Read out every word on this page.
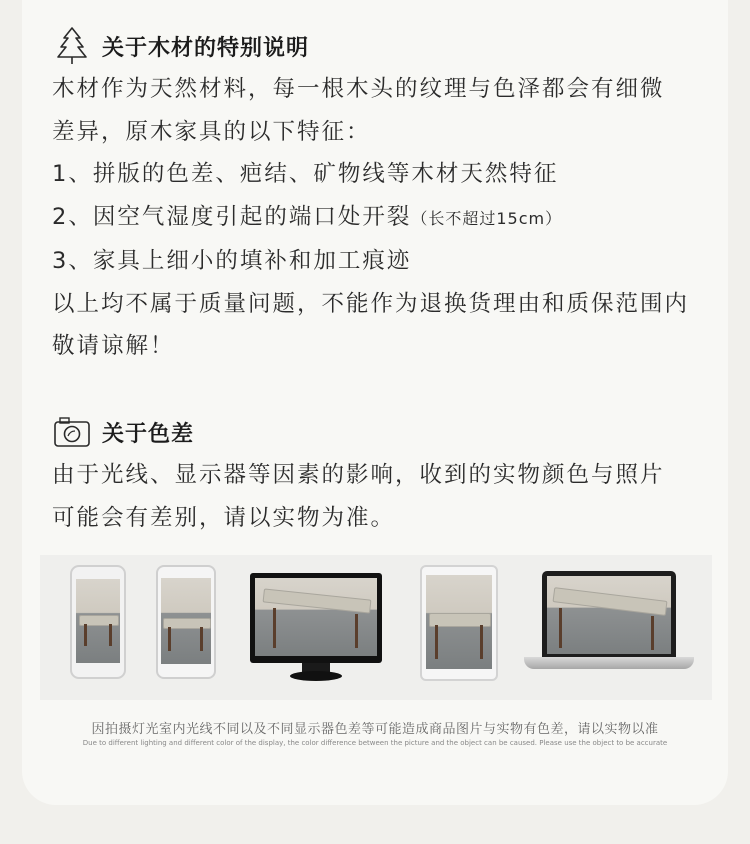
关于木材的特别说明
木材作为天然材料，每一根木头的纹理与色泽都会有细微
差异，原木家具的以下特征：
1、拼版的色差、疤结、矿物线等木材天然特征
2、因空气湿度引起的端口处开裂（长不超过15cm）
3、家具上细小的填补和加工痕迹
以上均不属于质量问题，不能作为退换货理由和质保范围内
敬请谅解！
关于色差
由于光线、显示器等因素的影响，收到的实物颜色与照片
可能会有差别，请以实物为准。
因拍摄灯光室内光线不同以及不同显示器色差等可能造成商品图片与实物有色差，请以实物以准
Due to different lighting and different color of the display, the color difference between the picture and the object can be caused. Please use the object to be accurate
